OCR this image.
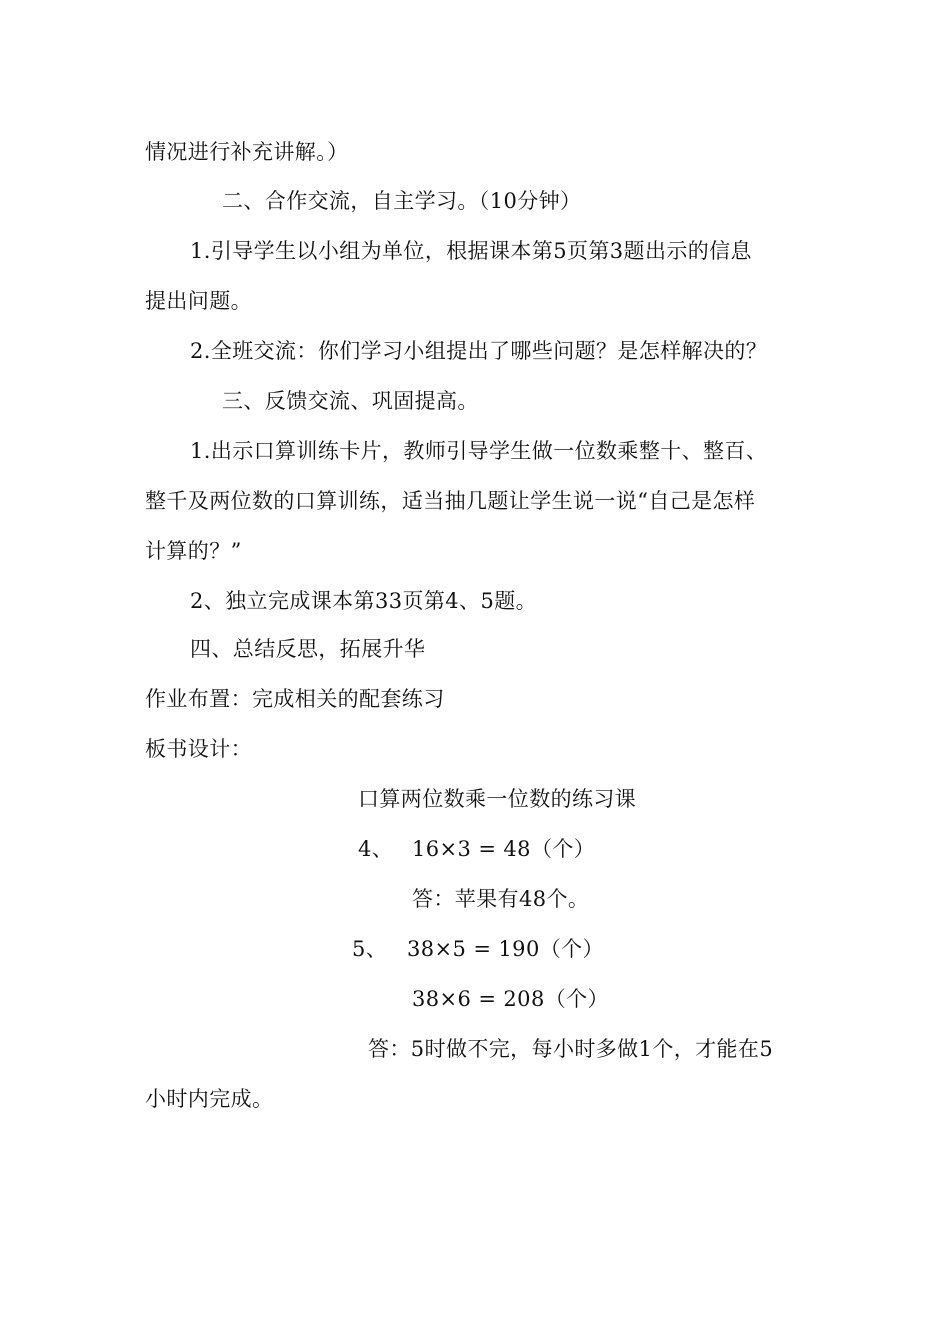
情况进行补充讲解。）
二、合作交流，自主学习。（10分钟）
1.引导学生以小组为单位，根据课本第5页第3题出示的信息
提出问题。
2.全班交流：你们学习小组提出了哪些问题？是怎样解决的？
三、反馈交流、巩固提高。
1.出示口算训练卡片，教师引导学生做一位数乘整十、整百、
整千及两位数的口算训练，适当抽几题让学生说一说“自己是怎样
计算的？”
2、独立完成课本第33页第4、5题。
四、总结反思，拓展升华
作业布置：完成相关的配套练习
板书设计：
口算两位数乘一位数的练习课
4、 16×3 = 48（个）
答：苹果有48个。
5、 38×5 = 190（个）
38×6 = 208（个）
答：5时做不完，每小时多做1个，才能在5
小时内完成。
